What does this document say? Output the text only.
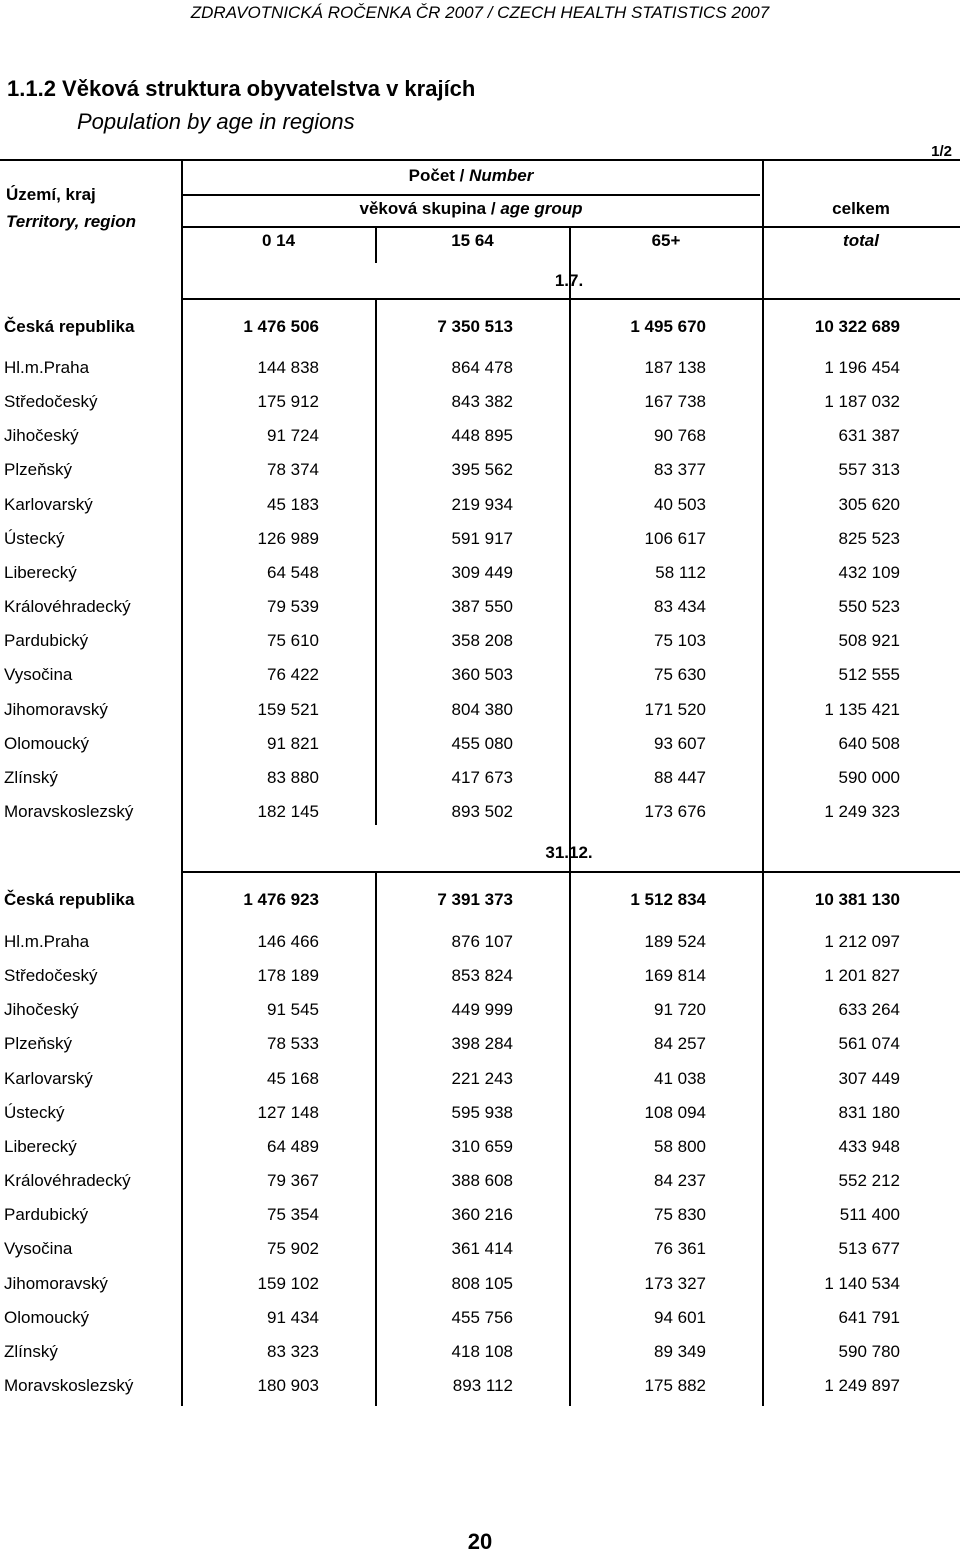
ZDRAVOTNICKÁ ROČENKA ČR 2007 / CZECH HEALTH STATISTICS 2007
1.1.2 Věková struktura obyvatelstva v krajích
Population by age in regions
1/2
Území, kraj
Territory, region
Počet / Number
věková skupina / age group	celkem
total
0 14	15 64	65+
1.7.
Česká republika	1 476 506	7 350 513	1 495 670	10 322 689
Hl.m.Praha	144 838	864 478	187 138	1 196 454
Středočeský	175 912	843 382	167 738	1 187 032
Jihočeský	91 724	448 895	90 768	631 387
Plzeňský	78 374	395 562	83 377	557 313
Karlovarský	45 183	219 934	40 503	305 620
Ústecký	126 989	591 917	106 617	825 523
Liberecký	64 548	309 449	58 112	432 109
Královéhradecký	79 539	387 550	83 434	550 523
Pardubický	75 610	358 208	75 103	508 921
Vysočina	76 422	360 503	75 630	512 555
Jihomoravský	159 521	804 380	171 520	1 135 421
Olomoucký	91 821	455 080	93 607	640 508
Zlínský	83 880	417 673	88 447	590 000
Moravskoslezský	182 145	893 502	173 676	1 249 323
31.12.
Česká republika	1 476 923	7 391 373	1 512 834	10 381 130
Hl.m.Praha	146 466	876 107	189 524	1 212 097
Středočeský	178 189	853 824	169 814	1 201 827
Jihočeský	91 545	449 999	91 720	633 264
Plzeňský	78 533	398 284	84 257	561 074
Karlovarský	45 168	221 243	41 038	307 449
Ústecký	127 148	595 938	108 094	831 180
Liberecký	64 489	310 659	58 800	433 948
Královéhradecký	79 367	388 608	84 237	552 212
Pardubický	75 354	360 216	75 830	511 400
Vysočina	75 902	361 414	76 361	513 677
Jihomoravský	159 102	808 105	173 327	1 140 534
Olomoucký	91 434	455 756	94 601	641 791
Zlínský	83 323	418 108	89 349	590 780
Moravskoslezský	180 903	893 112	175 882	1 249 897
20
